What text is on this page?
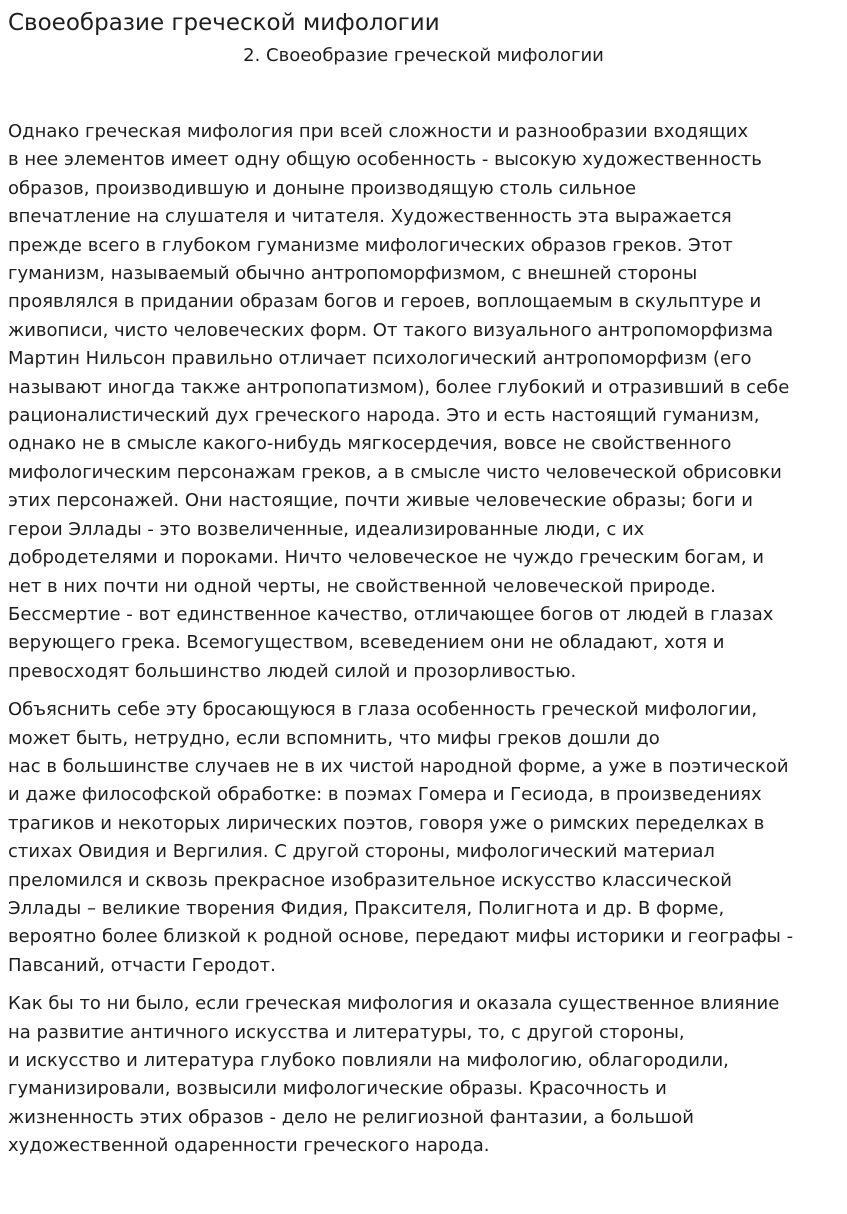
Своеобразие греческой мифологии
2. Своеобразие греческой мифологии

Однако греческая мифология при всей сложности и разнообразии входящих
в нее элементов имеет одну общую особенность - высокую художественность
образов, производившую и доныне производящую столь сильное
впечатление на слушателя и читателя. Художественность эта выражается
прежде всего в глубоком гуманизме мифологических образов греков. Этот
гуманизм, называемый обычно антропоморфизмом, с внешней стороны
проявлялся в придании образам богов и героев, воплощаемым в скульптуре и
живописи, чисто человеческих форм. От такого визуального антропоморфизма
Мартин Нильсон правильно отличает психологический антропоморфизм (его
называют иногда также антропопатизмом), более глубокий и отразивший в себе
рационалистический дух греческого народа. Это и есть настоящий гуманизм,
однако не в смысле какого-нибудь мягкосердечия, вовсе не свойственного
мифологическим персонажам греков, а в смысле чисто человеческой обрисовки
этих персонажей. Они настоящие, почти живые человеческие образы; боги и
герои Эллады - это возвеличенные, идеализированные люди, с их
добродетелями и пороками. Ничто человеческое не чуждо греческим богам, и
нет в них почти ни одной черты, не свойственной человеческой природе.
Бессмертие - вот единственное качество, отличающее богов от людей в глазах
верующего грека. Всемогуществом, всеведением они не обладают, хотя и
превосходят большинство людей силой и прозорливостью.

Объяснить себе эту бросающуюся в глаза особенность греческой мифологии,
может быть, нетрудно, если вспомнить, что мифы греков дошли до
нас в большинстве случаев не в их чистой народной форме, а уже в поэтической
и даже философской обработке: в поэмах Гомера и Гесиода, в произведениях
трагиков и некоторых лирических поэтов, говоря уже о римских переделках в
стихах Овидия и Вергилия. С другой стороны, мифологический материал
преломился и сквозь прекрасное изобразительное искусство классической
Эллады – великие творения Фидия, Праксителя, Полигнота и др. В форме,
вероятно более близкой к родной основе, передают мифы историки и географы -
Павсаний, отчасти Геродот.

Как бы то ни было, если греческая мифология и оказала существенное влияние
на развитие античного искусства и литературы, то, с другой стороны,
и искусство и литература глубоко повлияли на мифологию, облагородили,
гуманизировали, возвысили мифологические образы. Красочность и
жизненность этих образов - дело не религиозной фантазии, а большой
художественной одаренности греческого народа.
